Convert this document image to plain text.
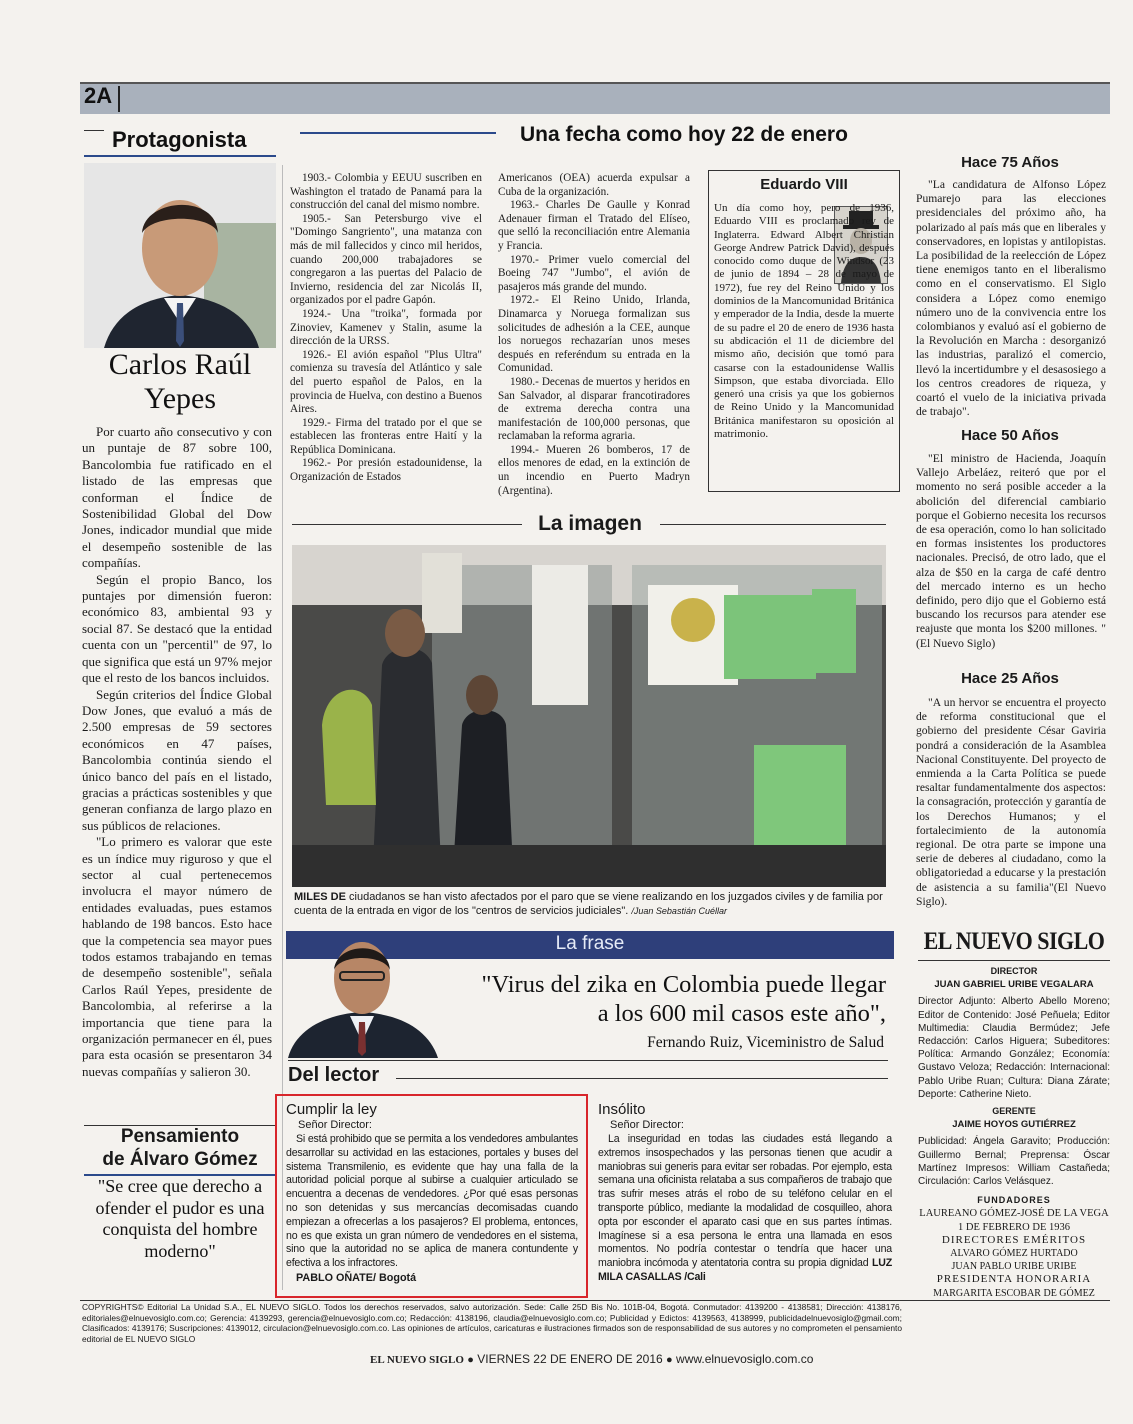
2A
Protagonista
Carlos Raúl
Yepes

Por cuarto año consecutivo y con un puntaje de 87 sobre 100, Bancolombia fue ratificado en el listado de las empresas que conforman el Índice de Sostenibilidad Global del Dow Jones, indicador mundial que mide el desempeño sostenible de las compañías.

Según el propio Banco, los puntajes por dimensión fueron: económico 83, ambiental 93 y social 87. Se destacó que la entidad cuenta con un "percentil" de 97, lo que significa que está un 97% mejor que el resto de los bancos incluidos.

Según criterios del Índice Global Dow Jones, que evaluó a más de 2.500 empresas de 59 sectores económicos en 47 países, Bancolombia continúa siendo el único banco del país en el listado, gracias a prácticas sostenibles y que generan confianza de largo plazo en sus públicos de relaciones.

"Lo primero es valorar que este es un índice muy riguroso y que el sector al cual pertenecemos involucra el mayor número de entidades evaluadas, pues estamos hablando de 198 bancos. Esto hace que la competencia sea mayor pues todos estamos trabajando en temas de desempeño sostenible", señala Carlos Raúl Yepes, presidente de Bancolombia, al referirse a la importancia que tiene para la organización permanecer en él, pues para esta ocasión se presentaron 34 nuevas compañías y salieron 30.

Pensamiento
de Álvaro Gómez
"Se cree que derecho a ofender el pudor es una conquista del hombre moderno"
Una fecha como hoy 22 de enero

1903.- Colombia y EEUU suscriben en Washington el tratado de Panamá para la construcción del canal del mismo nombre.

1905.- San Petersburgo vive el "Domingo Sangriento", una matanza con más de mil fallecidos y cinco mil heridos, cuando 200,000 trabajadores se congregaron a las puertas del Palacio de Invierno, residencia del zar Nicolás II, organizados por el padre Gapón.

1924.- Una "troika", formada por Zinoviev, Kamenev y Stalin, asume la dirección de la URSS.

1926.- El avión español "Plus Ultra" comienza su travesía del Atlántico y sale del puerto español de Palos, en la provincia de Huelva, con destino a Buenos Aires.

1929.- Firma del tratado por el que se establecen las fronteras entre Haití y la República Dominicana.

1962.- Por presión estadounidense, la Organización de Estados

Americanos (OEA) acuerda expulsar a Cuba de la organización.

1963.- Charles De Gaulle y Konrad Adenauer firman el Tratado del Elíseo, que selló la reconciliación entre Alemania y Francia.

1970.- Primer vuelo comercial del Boeing 747 "Jumbo", el avión de pasajeros más grande del mundo.

1972.- El Reino Unido, Irlanda, Dinamarca y Noruega formalizan sus solicitudes de adhesión a la CEE, aunque los noruegos rechazarían unos meses después en referéndum su entrada en la Comunidad.

1980.- Decenas de muertos y heridos en San Salvador, al disparar francotiradores de extrema derecha contra una manifestación de 100,000 personas, que reclamaban la reforma agraria.

1994.- Mueren 26 bomberos, 17 de ellos menores de edad, en la extinción de un incendio en Puerto Madryn (Argentina).

Eduardo VIII
Un día como hoy, pero de 1936, Eduardo VIII es proclamado rey de Inglaterra. Edward Albert Christian George Andrew Patrick David), después conocido como duque de Windsor (23 de junio de 1894 – 28 de mayo de 1972), fue rey del Reino Unido y los dominios de la Mancomunidad Británica y emperador de la India, desde la muerte de su padre el 20 de enero de 1936 hasta su abdicación el 11 de diciembre del mismo año, decisión que tomó para casarse con la estadounidense Wallis Simpson, que estaba divorciada. Ello generó una crisis ya que los gobiernos de Reino Unido y la Mancomunidad Británica manifestaron su oposición al matrimonio.
Hace 75 Años
"La candidatura de Alfonso López Pumarejo para las elecciones presidenciales del próximo año, ha polarizado al país más que en liberales y conservadores, en lopistas y antilopistas. La posibilidad de la reelección de López tiene enemigos tanto en el liberalismo como en el conservatismo. El Siglo considera a López como enemigo número uno de la convivencia entre los colombianos y evaluó así el gobierno de la Revolución en Marcha : desorganizó las industrias, paralizó el comercio, llevó la incertidumbre y el desasosiego a los centros creadores de riqueza, y coartó el vuelo de la iniciativa privada de trabajo".
Hace 50 Años
"El ministro de Hacienda, Joaquín Vallejo Arbeláez, reiteró que por el momento no será posible acceder a la abolición del diferencial cambiario porque el Gobierno necesita los recursos de esa operación, como lo han solicitado en formas insistentes los productores nacionales. Precisó, de otro lado, que el alza de $50 en la carga de café dentro del mercado interno es un hecho definido, pero dijo que el Gobierno está buscando los recursos para atender ese reajuste que monta los $200 millones. "(El Nuevo Siglo)
Hace 25 Años
"A un hervor se encuentra el proyecto de reforma constitucional que el gobierno del presidente César Gaviria pondrá a consideración de la Asamblea Nacional Constituyente. Del proyecto de enmienda a la Carta Política se puede resaltar fundamentalmente dos aspectos: la consagración, protección y garantía de los Derechos Humanos; y el fortalecimiento de la autonomía regional. De otra parte se impone una serie de deberes al ciudadano, como la obligatoriedad a educarse y la prestación de asistencia a su familia"(El Nuevo Siglo).
La imagen
MILES DE ciudadanos se han visto afectados por el paro que se viene realizando en los juzgados civiles y de familia por cuenta de la entrada en vigor de los "centros de servicios judiciales". /Juan Sebastián Cuéllar
La frase
"Virus del zika en Colombia puede llegar
a los 600 mil casos este año",
Fernando Ruiz, Viceministro de Salud
Del lector
Cumplir la ley
Señor Director:
Si está prohibido que se permita a los vendedores ambulantes desarrollar su actividad en las estaciones, portales y buses del sistema Transmilenio, es evidente que hay una falla de la autoridad policial porque al subirse a cualquier articulado se encuentra a decenas de vendedores. ¿Por qué esas personas no son detenidas y sus mercancías decomisadas cuando empiezan a ofrecerlas a los pasajeros? El problema, entonces, no es que exista un gran número de vendedores en el sistema, sino que la autoridad no se aplica de manera contundente y efectiva a los infractores.
PABLO OÑATE/ Bogotá
Insólito
Señor Director:
La inseguridad en todas las ciudades está llegando a extremos insospechados y las personas tienen que acudir a maniobras sui generis para evitar ser robadas. Por ejemplo, esta semana una oficinista relataba a sus compañeros de trabajo que tras sufrir meses atrás el robo de su teléfono celular en el transporte público, mediante la modalidad de cosquilleo, ahora opta por esconder el aparato casi que en sus partes íntimas. Imagínese si a esa persona le entra una llamada en esos momentos. No podría contestar o tendría que hacer una maniobra incómoda y atentatoria contra su propia dignidad LUZ MILA CASALLAS /Cali
EL NUEVO SIGLO
DIRECTOR
JUAN GABRIEL URIBE VEGALARA
Director Adjunto: Alberto Abello Moreno; Editor de Contenido: José Peñuela; Editor Multimedia: Claudia Bermúdez; Jefe Redacción: Carlos Higuera; Subeditores: Política: Armando González; Economía: Gustavo Veloza; Redacción: Internacional: Pablo Uribe Ruan; Cultura: Diana Zárate; Deporte: Catherine Nieto.
GERENTE
JAIME HOYOS GUTIÉRREZ
Publicidad: Ángela Garavito; Producción: Guillermo Bernal; Preprensa: Óscar Martínez Impresos: William Castañeda; Circulación: Carlos Velásquez.
FUNDADORES
LAUREANO GÓMEZ-JOSÉ DE LA VEGA
1 DE FEBRERO DE 1936
DIRECTORES EMÉRITOS
ALVARO GÓMEZ HURTADO
JUAN PABLO URIBE URIBE
PRESIDENTA HONORARIA
MARGARITA ESCOBAR DE GÓMEZ
COPYRIGHTS© Editorial La Unidad S.A., EL NUEVO SIGLO. Todos los derechos reservados, salvo autorización. Sede: Calle 25D Bis No. 101B-04, Bogotá. Conmutador: 4139200 - 4138581; Dirección: 4138176, editoriales@elnuevosiglo.com.co; Gerencia: 4139293, gerencia@elnuevosiglo.com.co; Redacción: 4138196, claudia@elnuevosiglo.com.co; Publicidad y Edictos: 4139563, 4138999, publicidadelnuevosiglo@gmail.com; Clasificados: 4139176; Suscripciones: 4139012, circulacion@elnuevosiglo.com.co. Las opiniones de artículos, caricaturas e ilustraciones firmados son de responsabilidad de sus autores y no comprometen el pensamiento editorial de EL NUEVO SIGLO
EL NUEVO SIGLO ● VIERNES 22 DE ENERO DE 2016 ● www.elnuevosiglo.com.co
